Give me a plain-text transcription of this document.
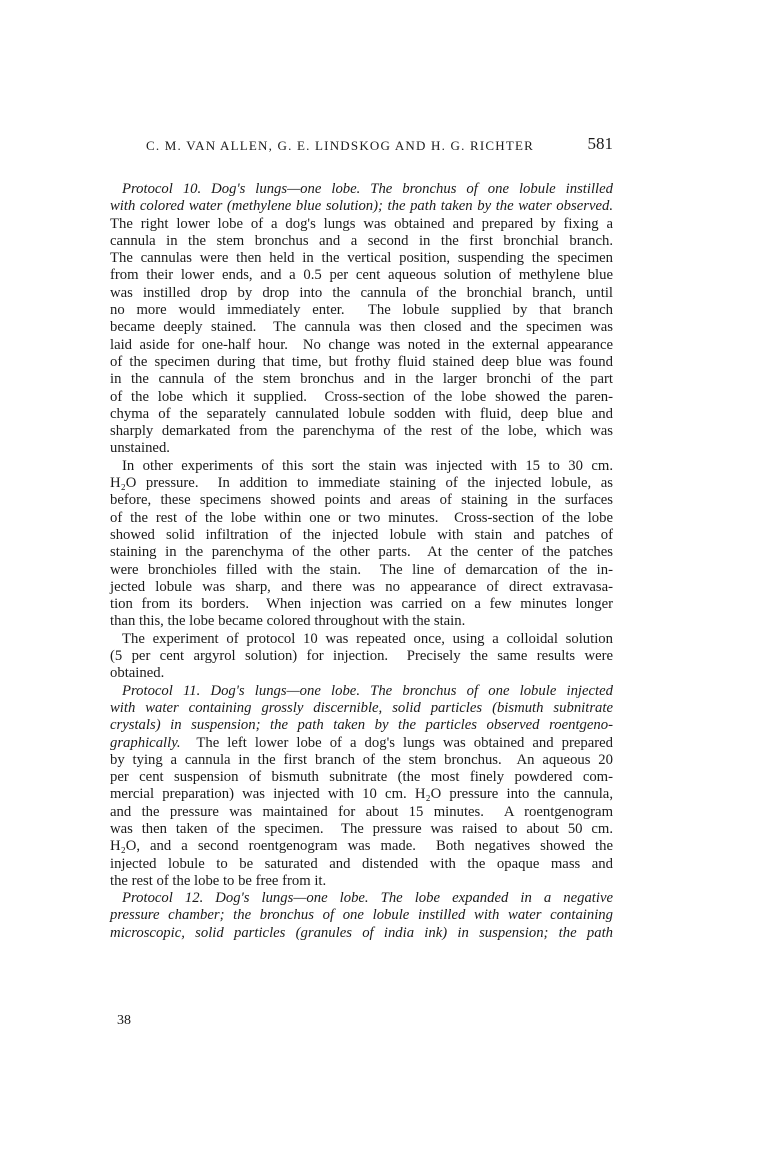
C. M. VAN ALLEN, G. E. LINDSKOG AND H. G. RICHTER	581
Protocol 10. Dog's lungs—one lobe. The bronchus of one lobule instilled
with colored water (methylene blue solution); the path taken by the water observed.
The right lower lobe of a dog's lungs was obtained and prepared by fixing a
cannula in the stem bronchus and a second in the first bronchial branch.
The cannulas were then held in the vertical position, suspending the specimen
from their lower ends, and a 0.5 per cent aqueous solution of methylene blue
was instilled drop by drop into the cannula of the bronchial branch, until
no more would immediately enter.  The lobule supplied by that branch
became deeply stained.  The cannula was then closed and the specimen was
laid aside for one-half hour.  No change was noted in the external appearance
of the specimen during that time, but frothy fluid stained deep blue was found
in the cannula of the stem bronchus and in the larger bronchi of the part
of the lobe which it supplied.  Cross-section of the lobe showed the paren-
chyma of the separately cannulated lobule sodden with fluid, deep blue and
sharply demarkated from the parenchyma of the rest of the lobe, which was
unstained.
In other experiments of this sort the stain was injected with 15 to 30 cm.
H₂O pressure.  In addition to immediate staining of the injected lobule, as
before, these specimens showed points and areas of staining in the surfaces
of the rest of the lobe within one or two minutes.  Cross-section of the lobe
showed solid infiltration of the injected lobule with stain and patches of
staining in the parenchyma of the other parts.  At the center of the patches
were bronchioles filled with the stain.  The line of demarcation of the in-
jected lobule was sharp, and there was no appearance of direct extravasa-
tion from its borders.  When injection was carried on a few minutes longer
than this, the lobe became colored throughout with the stain.
The experiment of protocol 10 was repeated once, using a colloidal solution
(5 per cent argyrol solution) for injection.  Precisely the same results were
obtained.
Protocol 11. Dog's lungs—one lobe. The bronchus of one lobule injected
with water containing grossly discernible, solid particles (bismuth subnitrate
crystals) in suspension; the path taken by the particles observed roentgeno-
graphically.  The left lower lobe of a dog's lungs was obtained and prepared
by tying a cannula in the first branch of the stem bronchus.  An aqueous 20
per cent suspension of bismuth subnitrate (the most finely powdered com-
mercial preparation) was injected with 10 cm. H₂O pressure into the cannula,
and the pressure was maintained for about 15 minutes.  A roentgenogram
was then taken of the specimen.  The pressure was raised to about 50 cm.
H₂O, and a second roentgenogram was made.  Both negatives showed the
injected lobule to be saturated and distended with the opaque mass and
the rest of the lobe to be free from it.
Protocol 12. Dog's lungs—one lobe. The lobe expanded in a negative
pressure chamber; the bronchus of one lobule instilled with water containing
microscopic, solid particles (granules of india ink) in suspension; the path
38
